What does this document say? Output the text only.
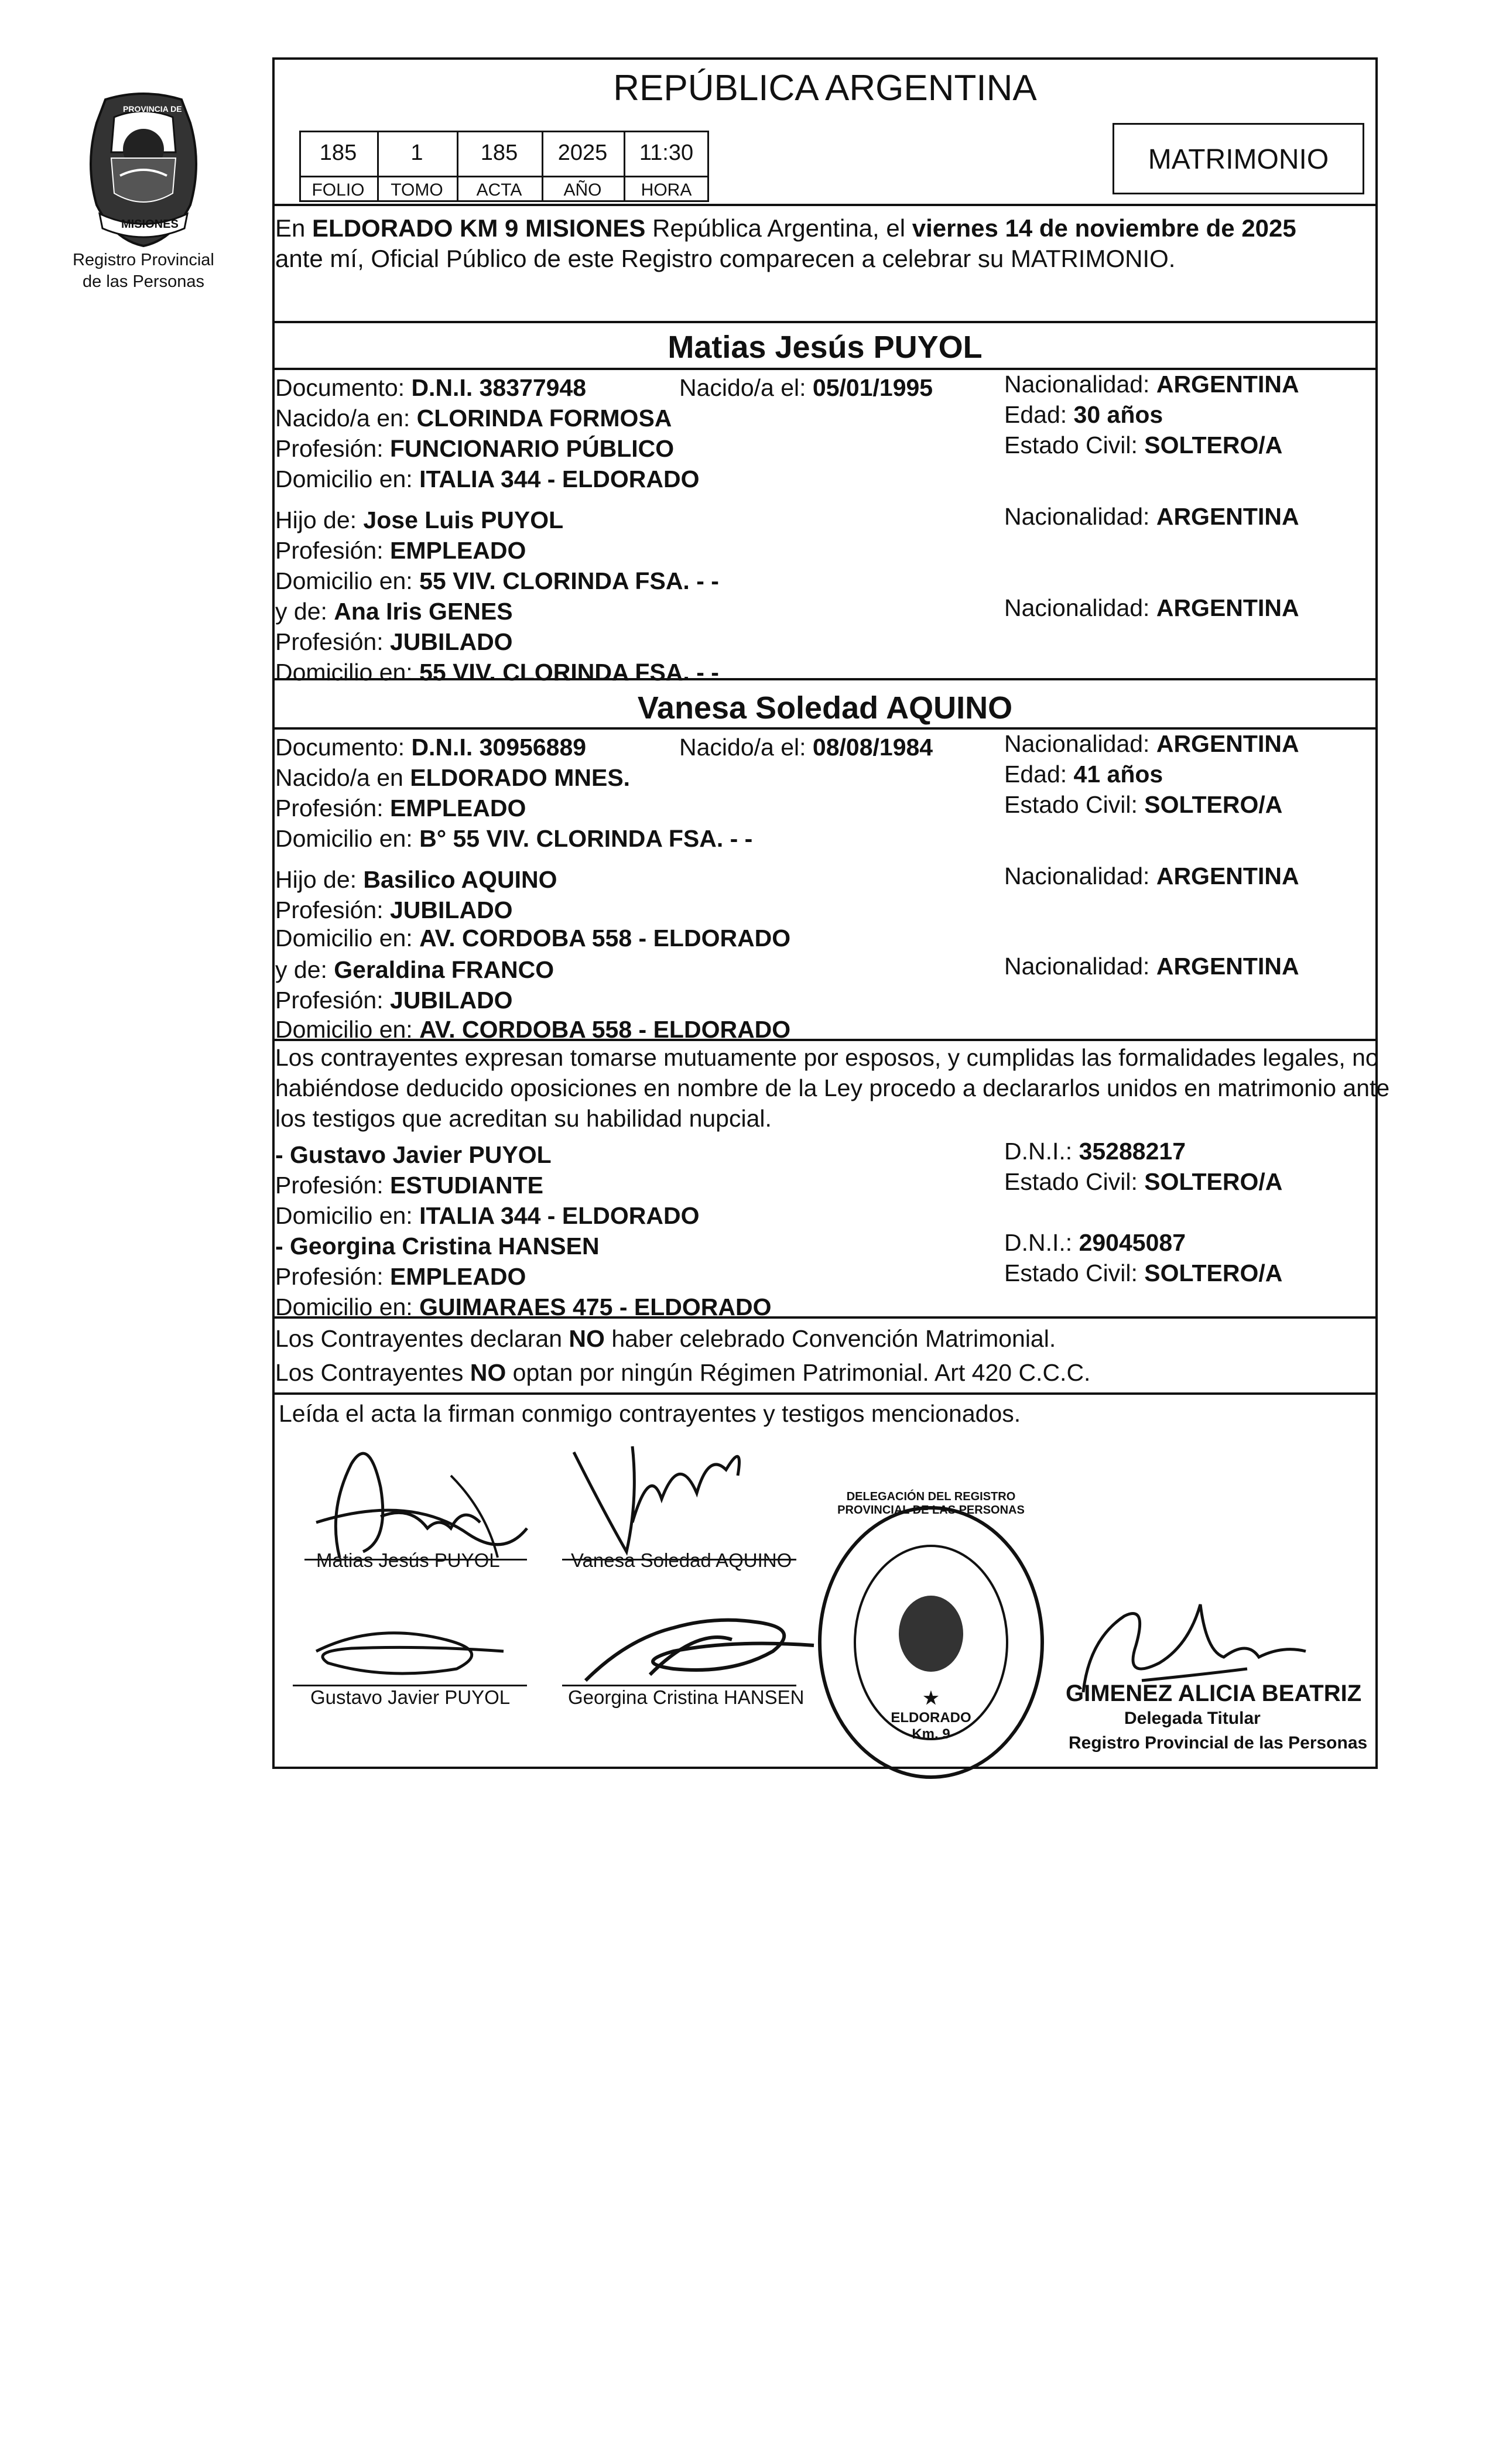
PROVINCIA DE
MISIONES
Registro Provincial
de las Personas
REPÚBLICA ARGENTINA
185	1	185	2025	11:30
FOLIO	TOMO	ACTA	AÑO	HORA
MATRIMONIO
En ELDORADO KM 9 MISIONES República Argentina, el viernes 14 de noviembre de 2025
ante mí, Oficial Público de este Registro comparecen a celebrar su MATRIMONIO.
Matias Jesús PUYOL
Documento: D.N.I. 38377948	Nacido/a el: 05/01/1995	Nacionalidad: ARGENTINA
Nacido/a en: CLORINDA FORMOSA	Edad: 30 años
Profesión: FUNCIONARIO PÚBLICO	Estado Civil: SOLTERO/A
Domicilio en: ITALIA 344 - ELDORADO
Hijo de: Jose Luis PUYOL	Nacionalidad: ARGENTINA
Profesión: EMPLEADO
Domicilio en: 55 VIV. CLORINDA FSA. - -
y de: Ana Iris GENES	Nacionalidad: ARGENTINA
Profesión: JUBILADO
Domicilio en: 55 VIV. CLORINDA FSA. - -
Vanesa Soledad AQUINO
Documento: D.N.I. 30956889	Nacido/a el: 08/08/1984	Nacionalidad: ARGENTINA
Nacido/a en ELDORADO MNES.	Edad: 41 años
Profesión: EMPLEADO	Estado Civil: SOLTERO/A
Domicilio en: B° 55 VIV. CLORINDA FSA. - -
Hijo de: Basilico AQUINO	Nacionalidad: ARGENTINA
Profesión: JUBILADO
Domicilio en: AV. CORDOBA 558 - ELDORADO
y de: Geraldina FRANCO	Nacionalidad: ARGENTINA
Profesión: JUBILADO
Domicilio en: AV. CORDOBA 558 - ELDORADO
Los contrayentes expresan tomarse mutuamente por esposos, y cumplidas las formalidades legales, no
habiéndose deducido oposiciones en nombre de la Ley procedo a declararlos unidos en matrimonio ante
los testigos que acreditan su habilidad nupcial.
- Gustavo Javier PUYOL	D.N.I.: 35288217
Profesión: ESTUDIANTE	Estado Civil: SOLTERO/A
Domicilio en: ITALIA 344 - ELDORADO
- Georgina Cristina HANSEN	D.N.I.: 29045087
Profesión: EMPLEADO	Estado Civil: SOLTERO/A
Domicilio en: GUIMARAES 475 - ELDORADO
Los Contrayentes declaran NO haber celebrado Convención Matrimonial.
Los Contrayentes NO optan por ningún Régimen Patrimonial. Art 420 C.C.C.
Leída el acta la firman conmigo contrayentes y testigos mencionados.
Matias Jesús PUYOL	Vanesa Soledad AQUINO
Gustavo Javier PUYOL	Georgina Cristina HANSEN	★
DELEGACIÓN DEL REGISTRO PROVINCIAL DE LAS PERSONAS
ELDORADO Km. 9
GIMENEZ ALICIA BEATRIZ
Delegada Titular
Registro Provincial de las Personas
